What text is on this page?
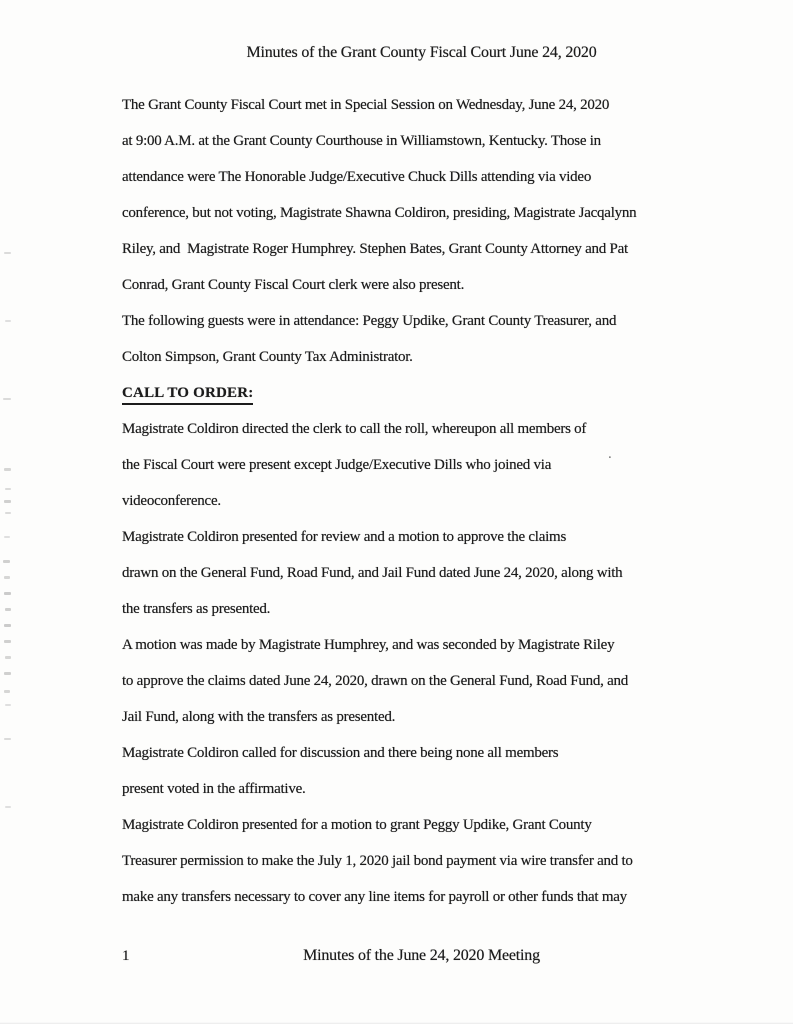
Minutes of the Grant County Fiscal Court June 24, 2020
The Grant County Fiscal Court met in Special Session on Wednesday, June 24, 2020
at 9:00 A.M. at the Grant County Courthouse in Williamstown, Kentucky. Those in
attendance were The Honorable Judge/Executive Chuck Dills attending via video
conference, but not voting, Magistrate Shawna Coldiron, presiding, Magistrate Jacqalynn
Riley, and  Magistrate Roger Humphrey. Stephen Bates, Grant County Attorney and Pat
Conrad, Grant County Fiscal Court clerk were also present.
The following guests were in attendance: Peggy Updike, Grant County Treasurer, and
Colton Simpson, Grant County Tax Administrator.
CALL TO ORDER:
Magistrate Coldiron directed the clerk to call the roll, whereupon all members of
the Fiscal Court were present except Judge/Executive Dills who joined via
videoconference.
Magistrate Coldiron presented for review and a motion to approve the claims
drawn on the General Fund, Road Fund, and Jail Fund dated June 24, 2020, along with
the transfers as presented.
A motion was made by Magistrate Humphrey, and was seconded by Magistrate Riley
to approve the claims dated June 24, 2020, drawn on the General Fund, Road Fund, and
Jail Fund, along with the transfers as presented.
Magistrate Coldiron called for discussion and there being none all members
present voted in the affirmative.
Magistrate Coldiron presented for a motion to grant Peggy Updike, Grant County
Treasurer permission to make the July 1, 2020 jail bond payment via wire transfer and to
make any transfers necessary to cover any line items for payroll or other funds that may
.
1	Minutes of the June 24, 2020 Meeting
